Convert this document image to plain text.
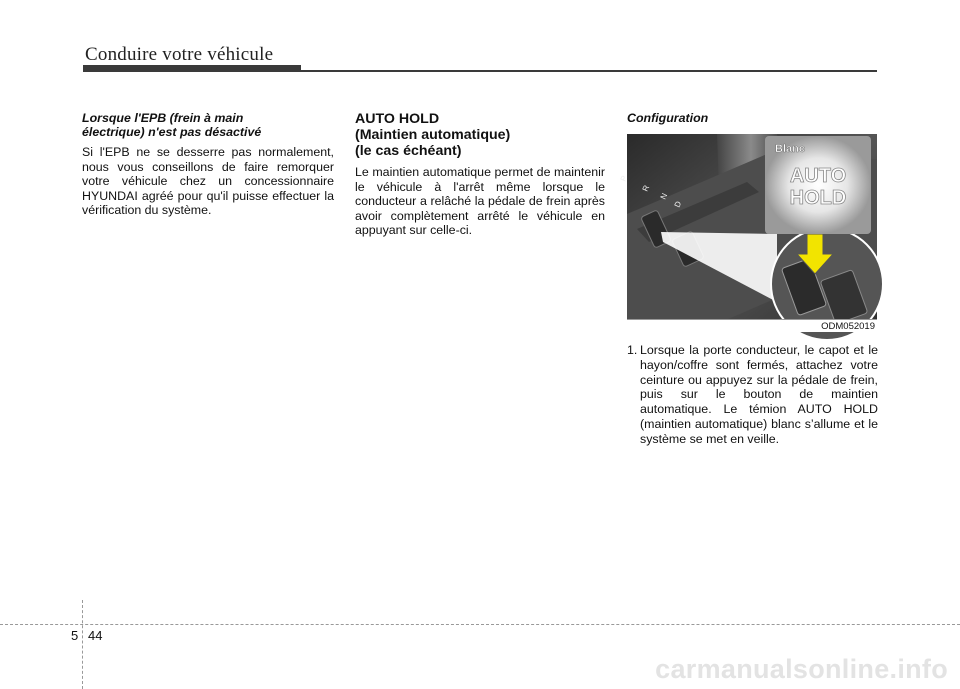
Conduire votre véhicule
Lorsque l'EPB (frein à main
électrique) n'est pas désactivé

Si l'EPB ne se desserre pas normalement, nous vous conseillons de faire remorquer votre véhicule chez un concessionnaire HYUNDAI agréé pour qu'il puisse effectuer la vérification du système.

AUTO HOLD
(Maintien automatique)
(le cas échéant)

Le maintien automatique permet de maintenir le véhicule à l'arrêt même lorsque le conducteur a relâché la pédale de frein après avoir complètement arrêté le véhicule en appuyant sur celle-ci.

Configuration
P
R
N
D
AUTO
HOLD
Blanc
ODM052019
1. Lorsque la porte conducteur, le capot et le hayon/coffre sont fermés, attachez votre ceinture ou appuyez sur la pédale de frein, puis sur le bouton de maintien automatique. Le témion AUTO HOLD (maintien automatique) blanc s’allume et le système se met en veille.
5 44
carmanualsonline.info
